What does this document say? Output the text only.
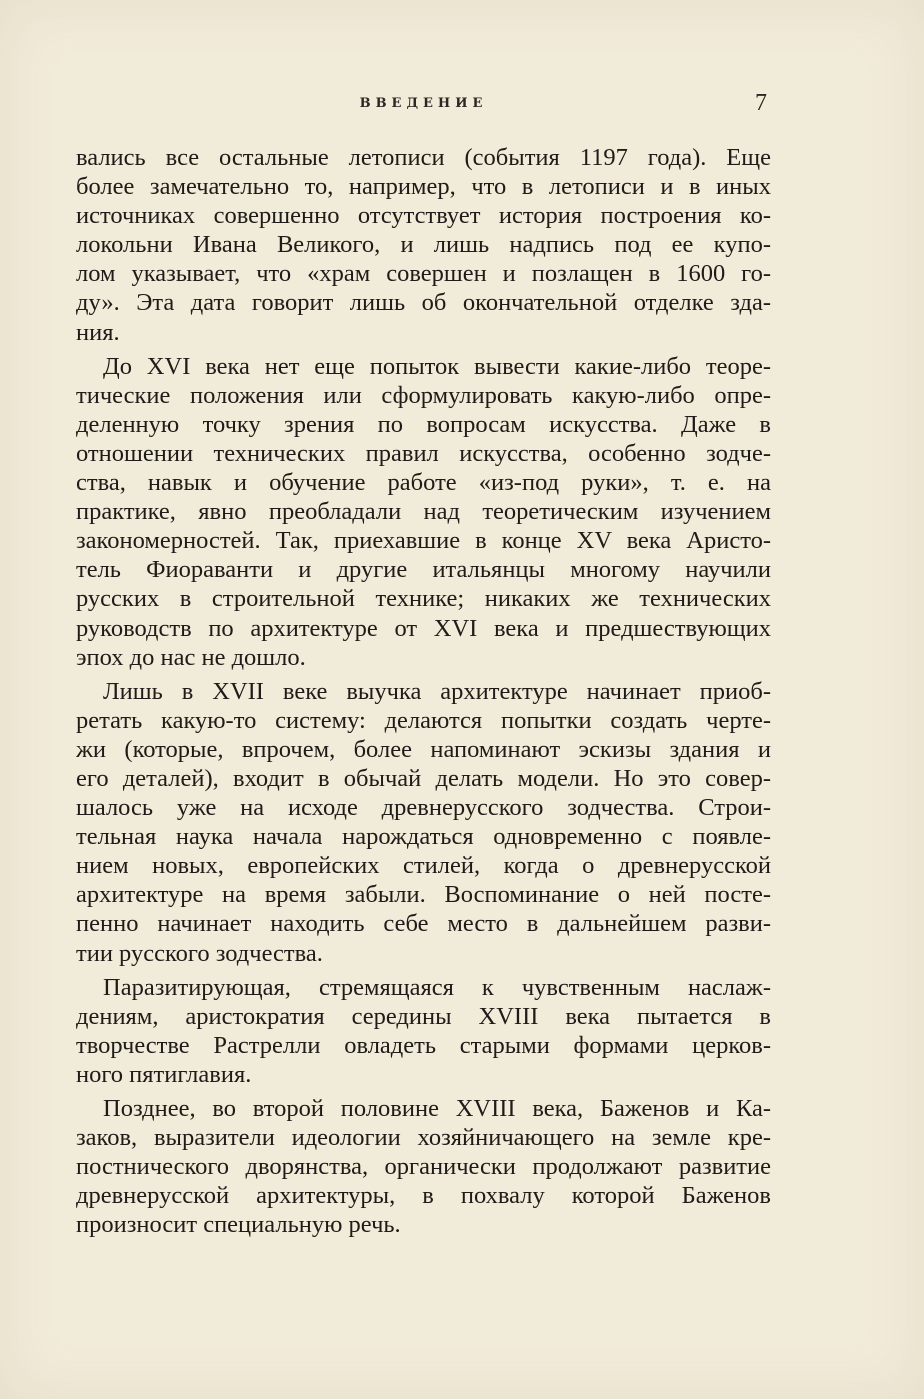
ВВЕДЕНИЕ	7
вались все остальные летописи (события 1197 года). Еще
более замечательно то, например, что в летописи и в иных
источниках совершенно отсутствует история построения ко-
локольни Ивана Великого, и лишь надпись под ее купо-
лом указывает, что «храм совершен и позлащен в 1600 го-
ду». Эта дата говорит лишь об окончательной отделке зда-
ния.
До XVI века нет еще попыток вывести какие-либо теоре-
тические положения или сформулировать какую-либо опре-
деленную точку зрения по вопросам искусства. Даже в
отношении технических правил искусства, особенно зодче-
ства, навык и обучение работе «из-под руки», т. е. на
практике, явно преобладали над теоретическим изучением
закономерностей. Так, приехавшие в конце XV века Аристо-
тель Фиораванти и другие итальянцы многому научили
русских в строительной технике; никаких же технических
руководств по архитектуре от XVI века и предшествующих
эпох до нас не дошло.
Лишь в XVII веке выучка архитектуре начинает приоб-
ретать какую-то систему: делаются попытки создать черте-
жи (которые, впрочем, более напоминают эскизы здания и
его деталей), входит в обычай делать модели. Но это совер-
шалось уже на исходе древнерусского зодчества. Строи-
тельная наука начала нарождаться одновременно с появле-
нием новых, европейских стилей, когда о древнерусской
архитектуре на время забыли. Воспоминание о ней посте-
пенно начинает находить себе место в дальнейшем разви-
тии русского зодчества.
Паразитирующая, стремящаяся к чувственным наслаж-
дениям, аристократия середины XVIII века пытается в
творчестве Растрелли овладеть старыми формами церков-
ного пятиглавия.
Позднее, во второй половине XVIII века, Баженов и Ка-
заков, выразители идеологии хозяйничающего на земле кре-
постнического дворянства, органически продолжают развитие
древнерусской архитектуры, в похвалу которой Баженов
произносит специальную речь.
